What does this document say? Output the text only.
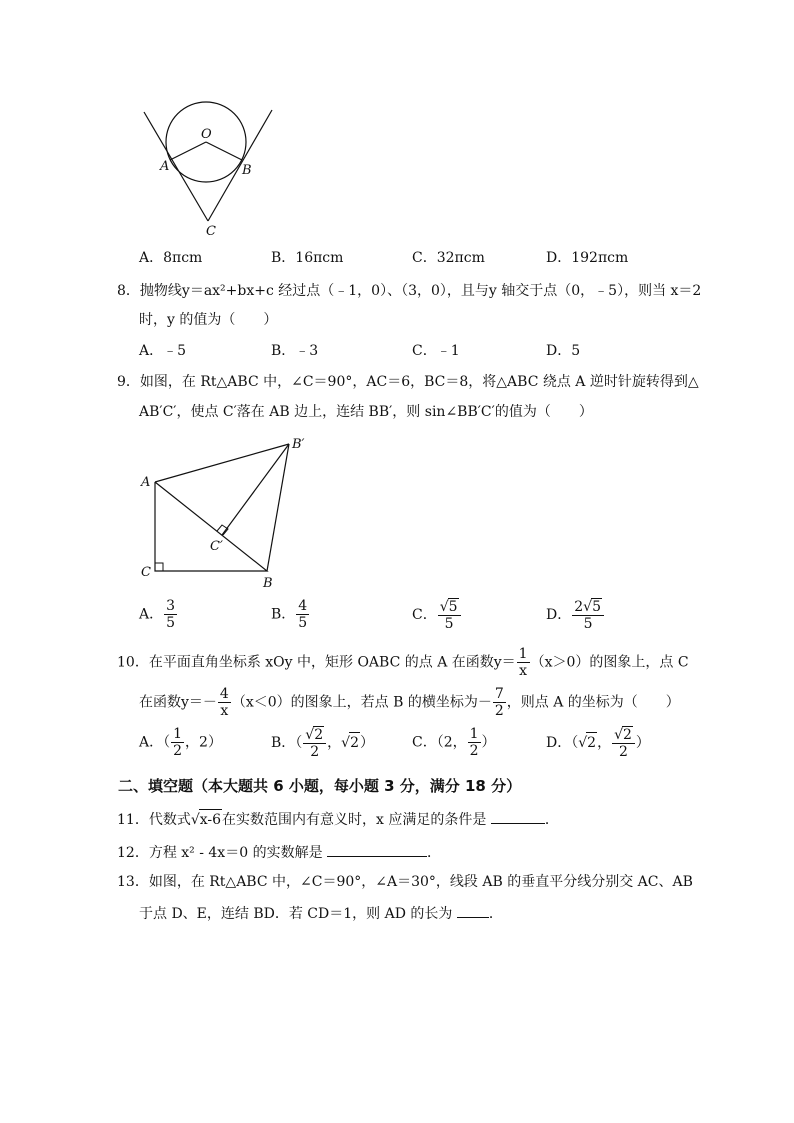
O
A	B
C
A．8πcm	B．16πcm	C．32πcm	D．192πcm
8．抛物线y＝ax²+bx+c 经过点（﹣1，0）、（3，0），且与y 轴交于点（0，﹣5），则当 x＝2
时，y 的值为（　　）
A．﹣5	B．﹣3	C．﹣1	D．5
9．如图，在 Rt△ABC 中，∠C＝90°，AC＝6，BC＝8，将△ABC 绕点 A 逆时针旋转得到△
AB′C′，使点 C′落在 AB 边上，连结 BB′，则 sin∠BB′C′的值为（　　）
A
B
C
B′
C′
A． $\frac{3}{5}$	B． $\frac{4}{5}$	C． $\frac{√5}{5}$	D． $\frac{2√5}{5}$
10．在平面直角坐标系 xOy 中，矩形 OABC 的点 A 在函数$y= \frac{1}{x} (x>0)$的图象上，点 C
在函数$y=- \frac{4}{x} (x<0)$的图象上，若点 B 的横坐标为－ $\frac{7}{2}$ ，则点 A 的坐标为（　　）
A．（ $\frac{1}{2}$ ，2）	B．（ $\frac{√2}{2}$ ，√2）	C．（2， $\frac{1}{2}$ ）	D．（√2， $\frac{√2}{2}$ ）
二、填空题（本大题共 6 小题，每小题 3 分，满分 18 分）
11．代数式√x-6在实数范围内有意义时，x 应满足的条件是	．
12．方程 x² - 4x＝0 的实数解是	．
13．如图，在 Rt△ABC 中，∠C＝90°，∠A＝30°，线段 AB 的垂直平分线分别交 AC、AB
于点 D、E，连结 BD．若 CD＝1，则 AD 的长为	．
